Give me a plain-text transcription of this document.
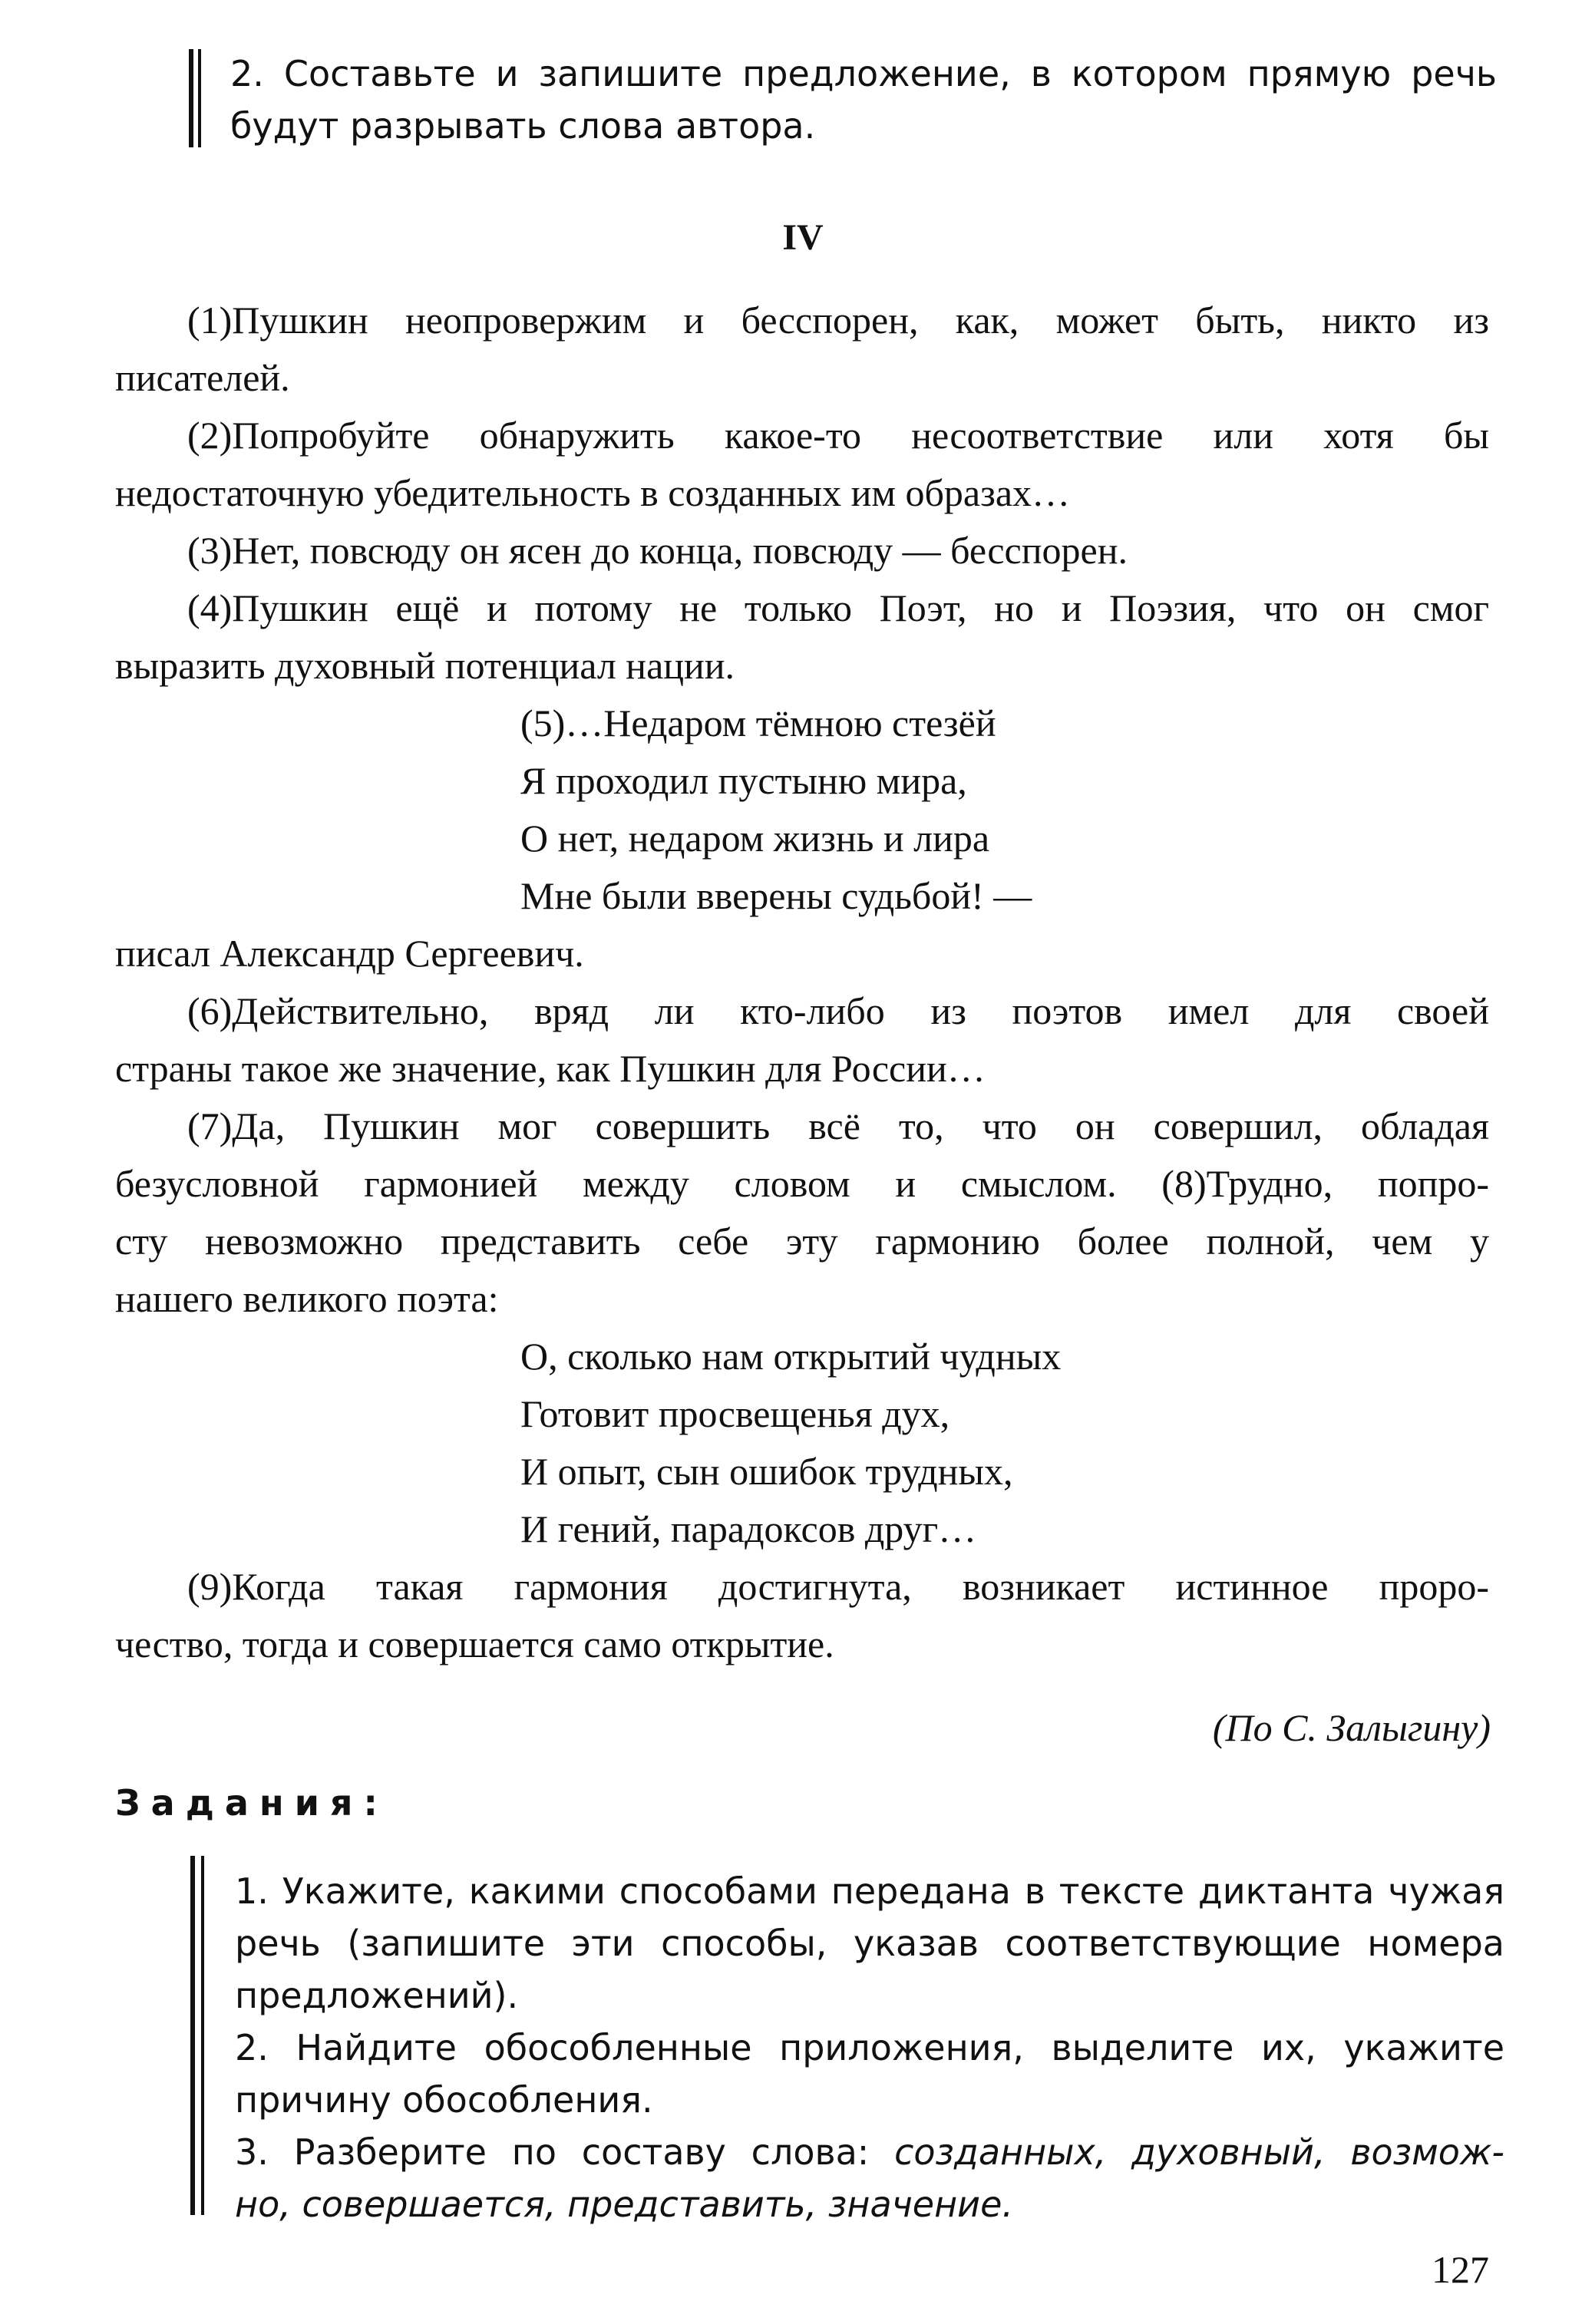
2. Составьте и запишите предложение, в котором прямую речь
будут разрывать слова автора.
IV
(1)Пушкин неопровержим и бесспорен, как, может быть, никто из
писателей.
(2)Попробуйте обнаружить какое-то несоответствие или хотя бы
недостаточную убедительность в созданных им образах…
(3)Нет, повсюду он ясен до конца, повсюду — бесспорен.
(4)Пушкин ещё и потому не только Поэт, но и Поэзия, что он смог
выразить духовный потенциал нации.
(5)…Недаром тёмною стезёй
Я проходил пустыню мира,
О нет, недаром жизнь и лира
Мне были вверены судьбой! —
писал Александр Сергеевич.
(6)Действительно, вряд ли кто-либо из поэтов имел для своей
страны такое же значение, как Пушкин для России…
(7)Да, Пушкин мог совершить всё то, что он совершил, обладая
безусловной гармонией между словом и смыслом. (8)Трудно, попро-
сту невозможно представить себе эту гармонию более полной, чем у
нашего великого поэта:
О, сколько нам открытий чудных
Готовит просвещенья дух,
И опыт, сын ошибок трудных,
И гений, парадоксов друг…
(9)Когда такая гармония достигнута, возникает истинное проро-
чество, тогда и совершается само открытие.
(По С. Залыгину)
Задания:
1. Укажите, какими способами передана в тексте диктанта чужая
речь (запишите эти способы, указав соответствующие номера
предложений).
2. Найдите обособленные приложения, выделите их, укажите
причину обособления.
3. Разберите по составу слова: созданных, духовный, возмож-
но, совершается, представить, значение.
127
